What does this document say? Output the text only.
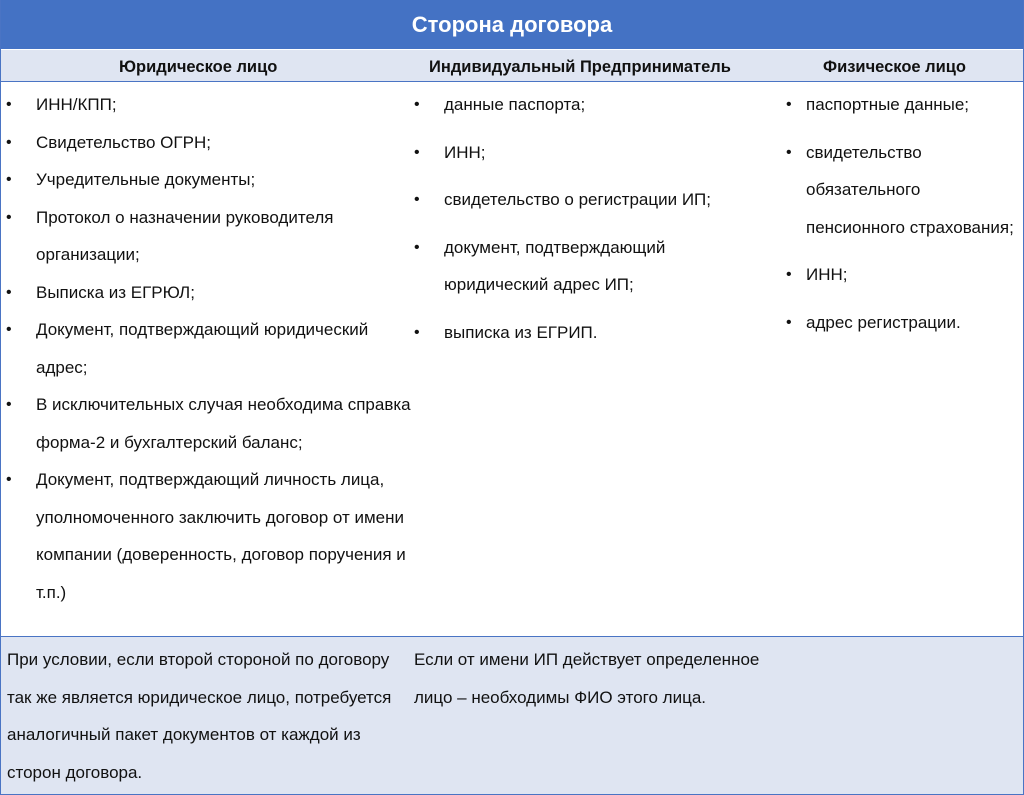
Сторона договора
Юридическое лицо	Индивидуальный Предприниматель	Физическое лицо
• ИНН/КПП;
• Свидетельство ОГРН;
• Учредительные документы;
• Протокол о назначении руководителя организации;
• Выписка из ЕГРЮЛ;
• Документ, подтверждающий юридический адрес;
• В исключительных случая необходима справка форма-2 и бухгалтерский баланс;
• Документ, подтверждающий личность лица, уполномоченного заключить договор от имени компании (доверенность, договор поручения и т.п.)
• данные паспорта;
• ИНН;
• свидетельство о регистрации ИП;
• документ, подтверждающий юридический адрес ИП;
• выписка из ЕГРИП.
• паспортные данные;
• свидетельство обязательного пенсионного страхования;
• ИНН;
• адрес регистрации.
При условии, если второй стороной по договору так же является юридическое лицо, потребуется аналогичный пакет документов от каждой из сторон договора.
Если от имени ИП действует определенное лицо – необходимы ФИО этого лица.
